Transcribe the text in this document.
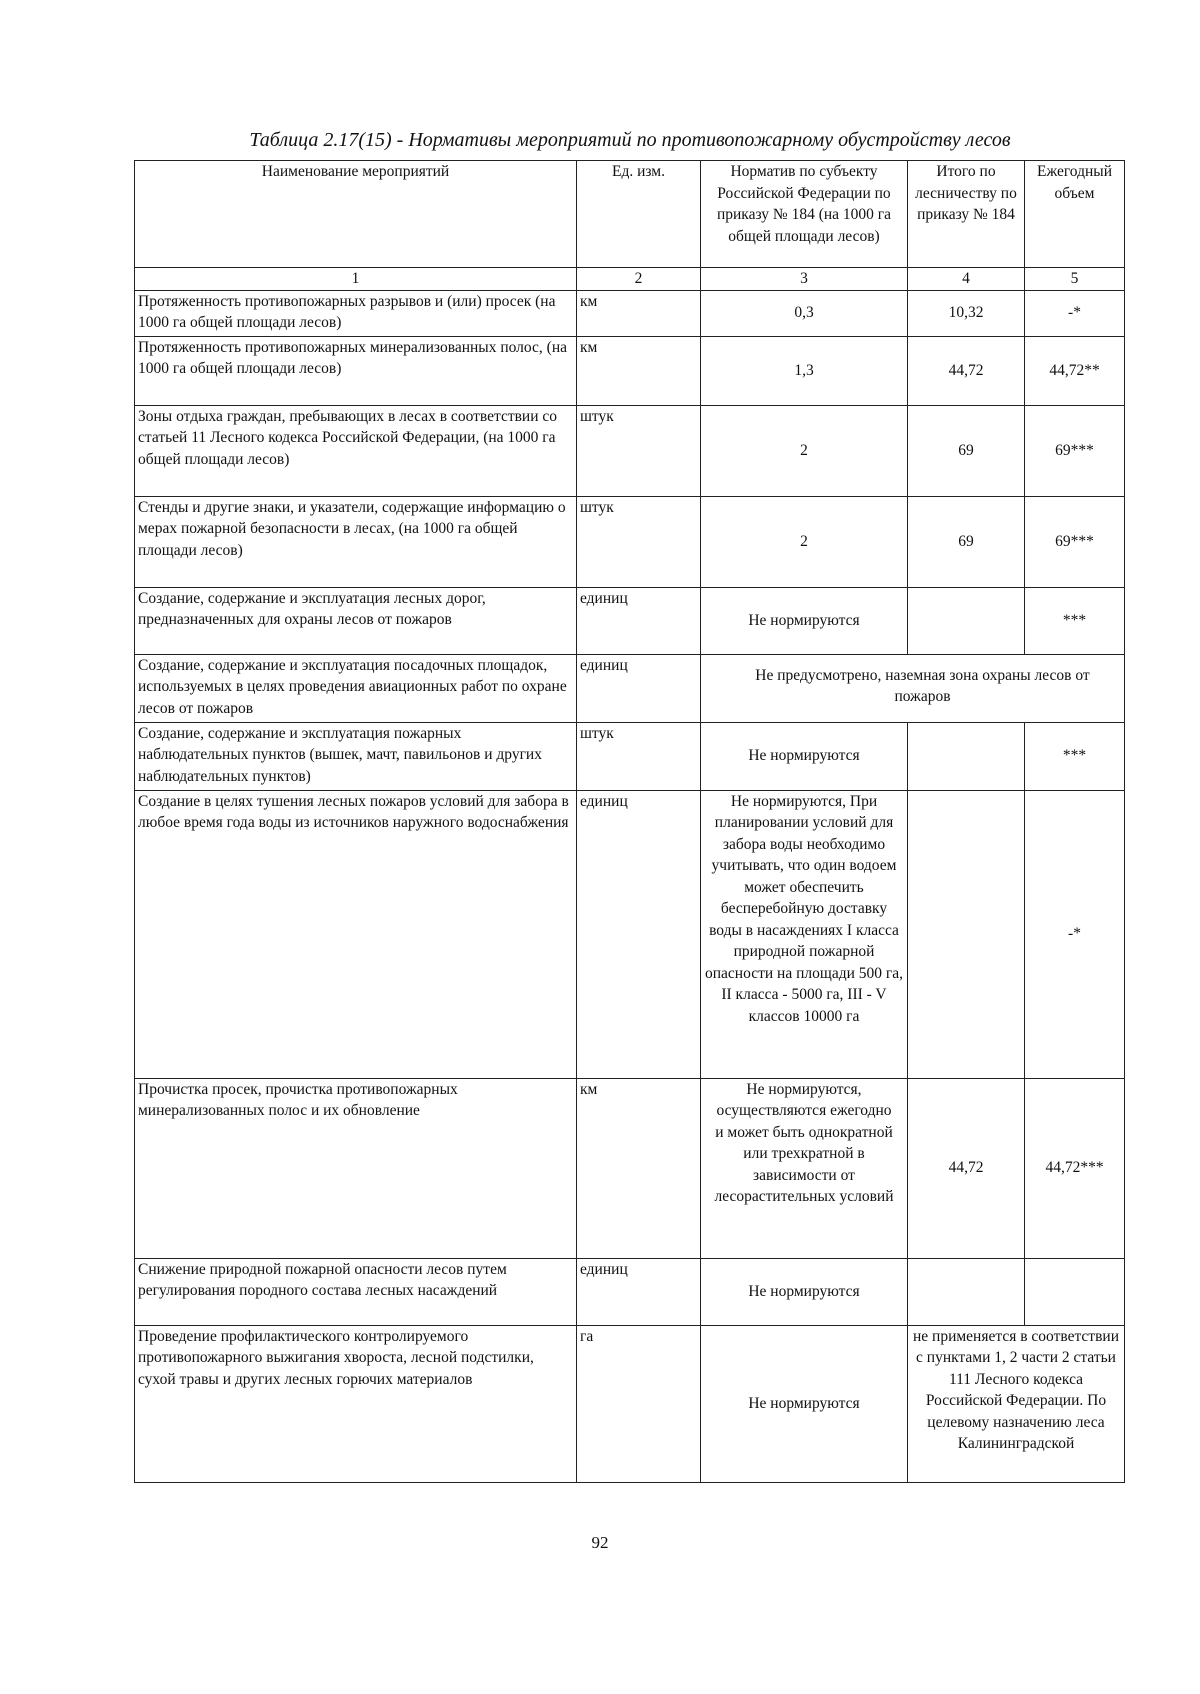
Таблица 2.17(15) - Нормативы мероприятий по противопожарному обустройству лесов
Наименование мероприятий	Ед. изм.	Норматив по субъекту Российской Федерации по приказу № 184 (на 1000 га общей площади лесов)	Итого по лесничеству по приказу № 184	Ежегодный объем
1	2	3	4	5
Протяженность противопожарных разрывов и (или) просек (на 1000 га общей площади лесов)	км	0,3	10,32	-*
Протяженность противопожарных минерализованных полос, (на 1000 га общей площади лесов)	км	1,3	44,72	44,72**
Зоны отдыха граждан, пребывающих в лесах в соответствии со статьей 11 Лесного кодекса Российской Федерации, (на 1000 га общей площади лесов)	штук	2	69	69***
Стенды и другие знаки, и указатели, содержащие информацию о мерах пожарной безопасности в лесах, (на 1000 га общей площади лесов)	штук	2	69	69***
Создание, содержание и эксплуатация лесных дорог, предназначенных для охраны лесов от пожаров	единиц	Не нормируются		***
Создание, содержание и эксплуатация посадочных площадок, используемых в целях проведения авиационных работ по охране лесов от пожаров	единиц	Не предусмотрено, наземная зона охраны лесов от пожаров		
Создание, содержание и эксплуатация пожарных наблюдательных пунктов (вышек, мачт, павильонов и других наблюдательных пунктов)	штук	Не нормируются		***
Создание в целях тушения лесных пожаров условий для забора в любое время года воды из источников наружного водоснабжения	единиц	Не нормируются, При планировании условий для забора воды необходимо учитывать, что один водоем может обеспечить бесперебойную доставку воды в насаждениях I класса природной пожарной опасности на площади 500 га, II класса - 5000 га, III - V классов 10000 га		-*
Прочистка просек, прочистка противопожарных минерализованных полос и их обновление	км	Не нормируются, осуществляются ежегодно и может быть однократной или трехкратной в зависимости от лесорастительных условий	44,72	44,72***
Снижение природной пожарной опасности лесов путем регулирования породного состава лесных насаждений	единиц	Не нормируются		
Проведение профилактического контролируемого противопожарного выжигания хвороста, лесной подстилки, сухой травы и других лесных горючих материалов	га	Не нормируются	не применяется в соответствии с пунктами 1, 2 части 2 статьи 111 Лесного кодекса Российской Федерации. По целевому назначению леса Калининградской	
92
